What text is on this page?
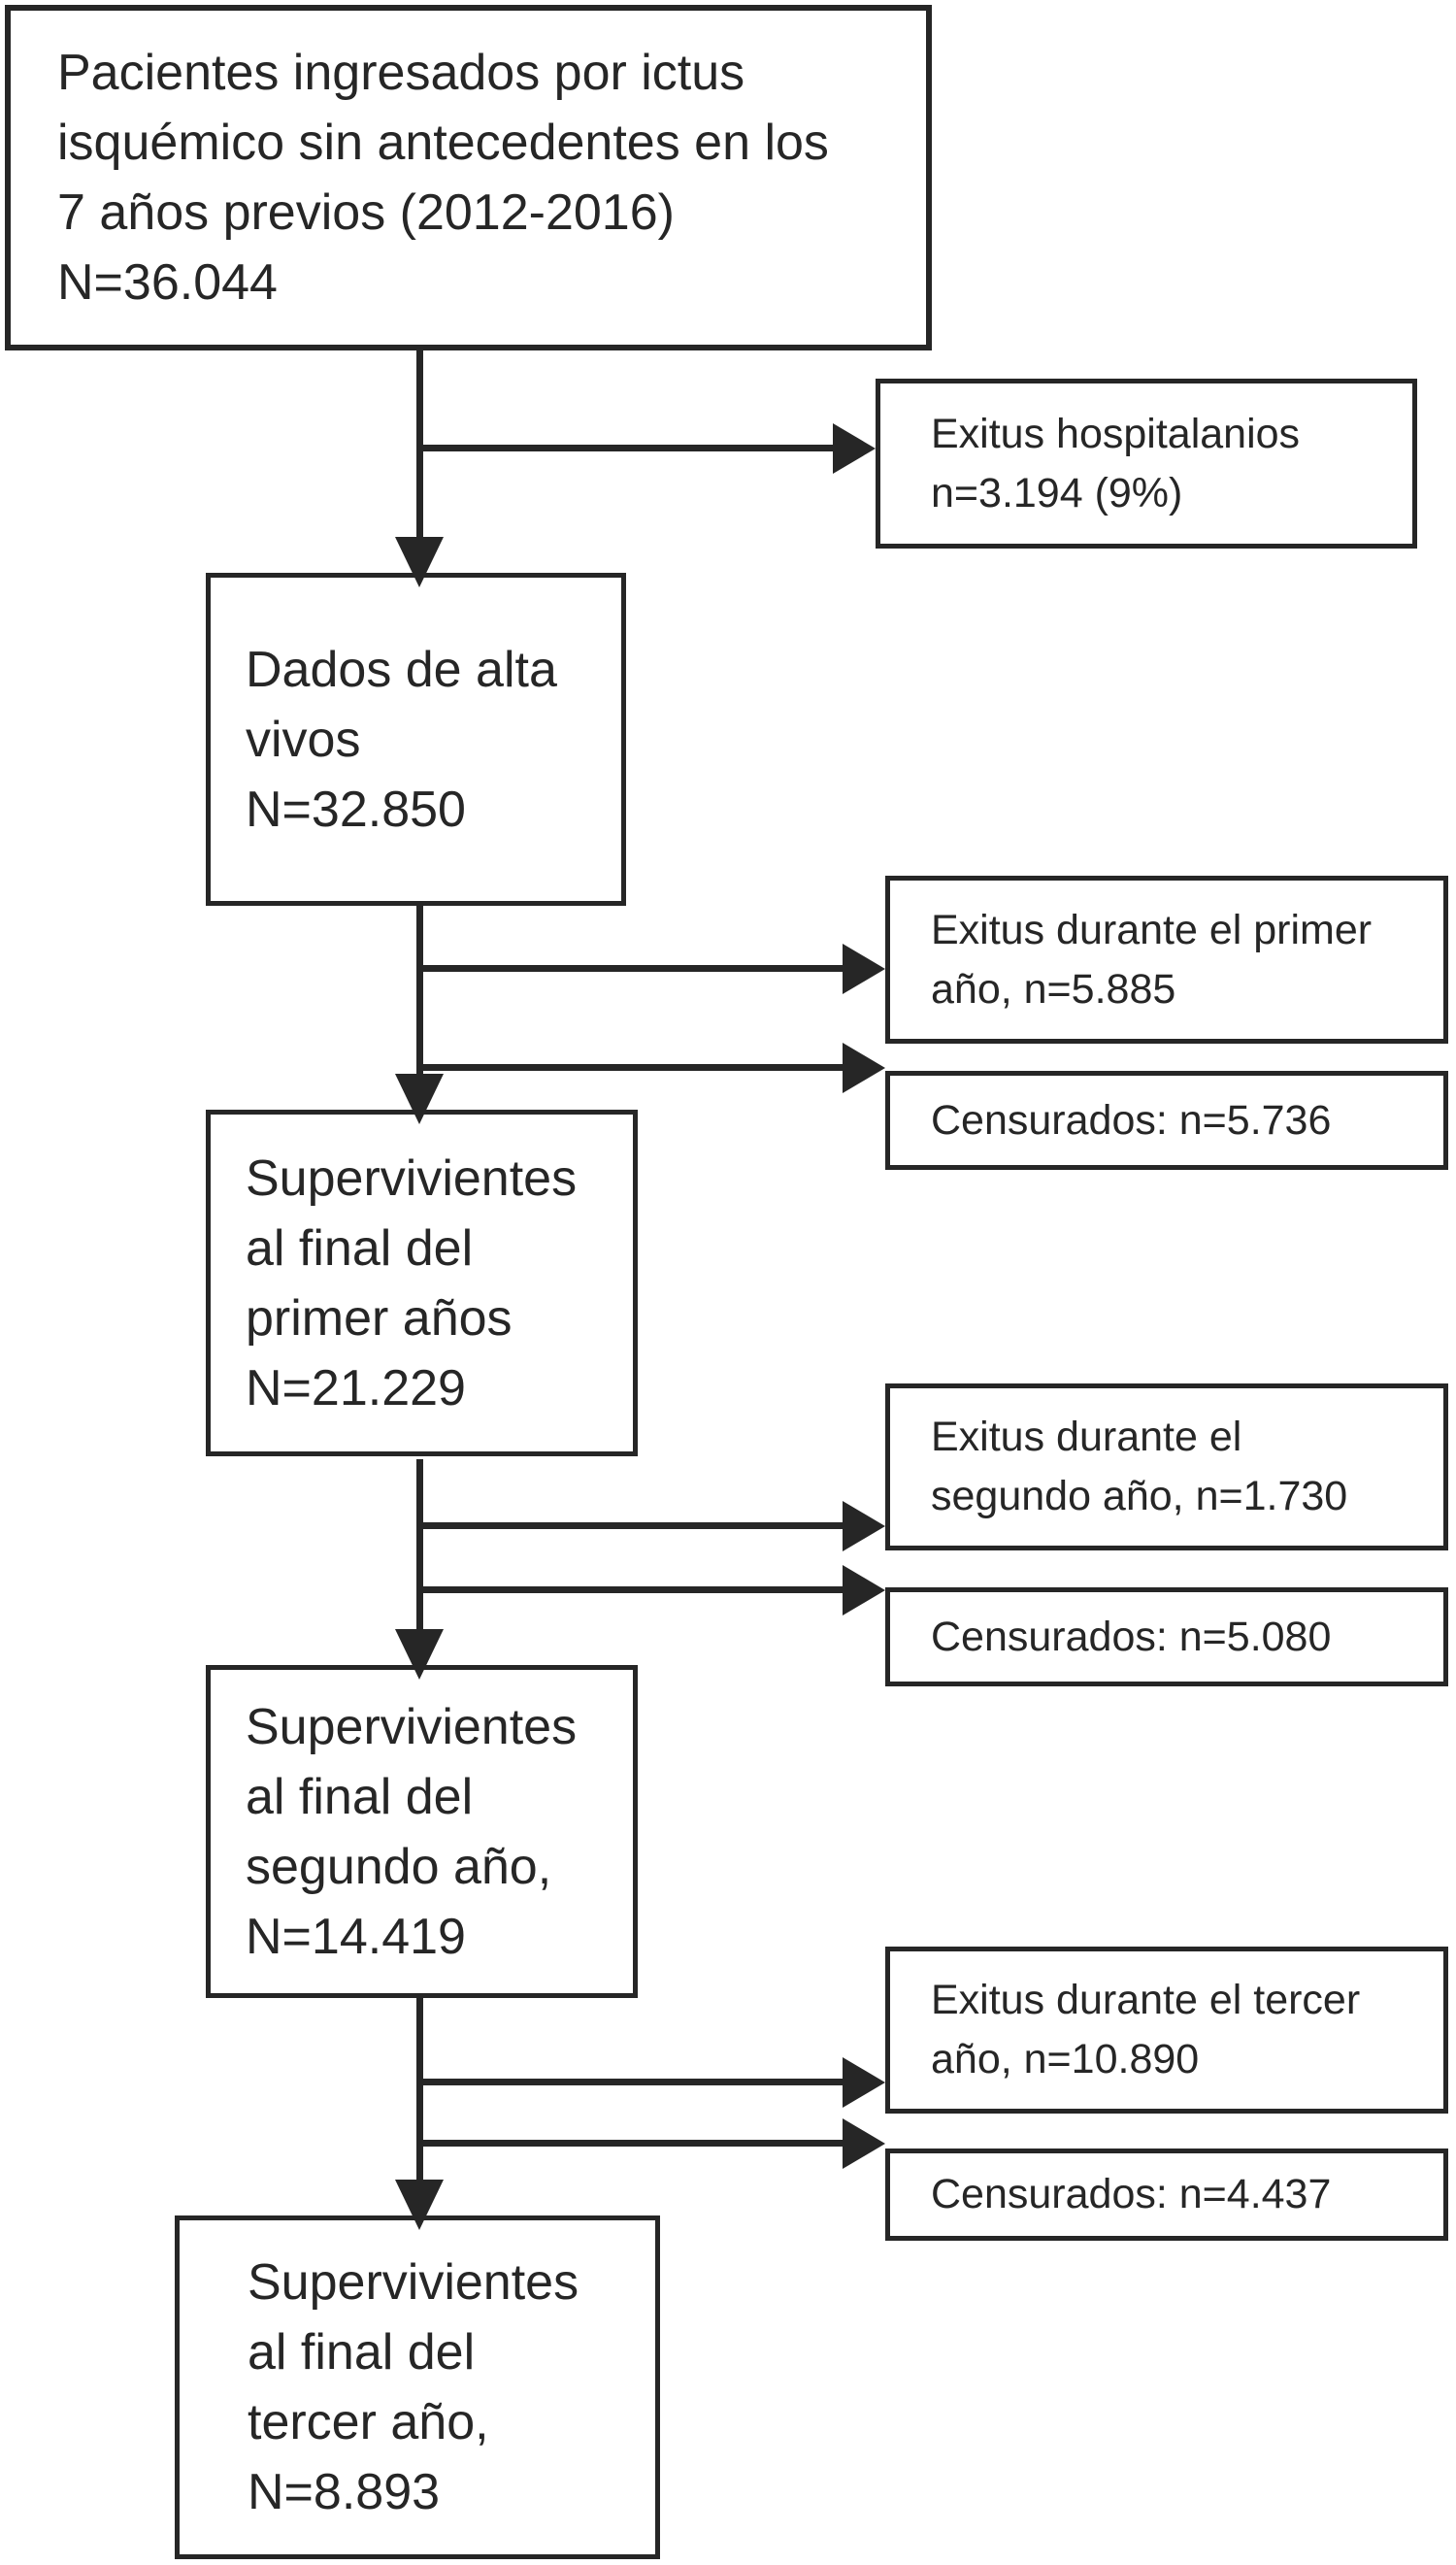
Pacientes ingresados por ictus
isquémico sin antecedentes en los
7 años previos (2012-2016)
N=36.044
Exitus hospitalanios
n=3.194 (9%)
Dados de alta
vivos
N=32.850
Exitus durante el primer
año, n=5.885
Censurados: n=5.736
Supervivientes
al final del
primer años
N=21.229
Exitus durante el
segundo año, n=1.730
Censurados: n=5.080
Supervivientes
al final del
segundo año,
N=14.419
Exitus durante el tercer
año, n=10.890
Censurados: n=4.437
Supervivientes
al final del
tercer año,
N=8.893
